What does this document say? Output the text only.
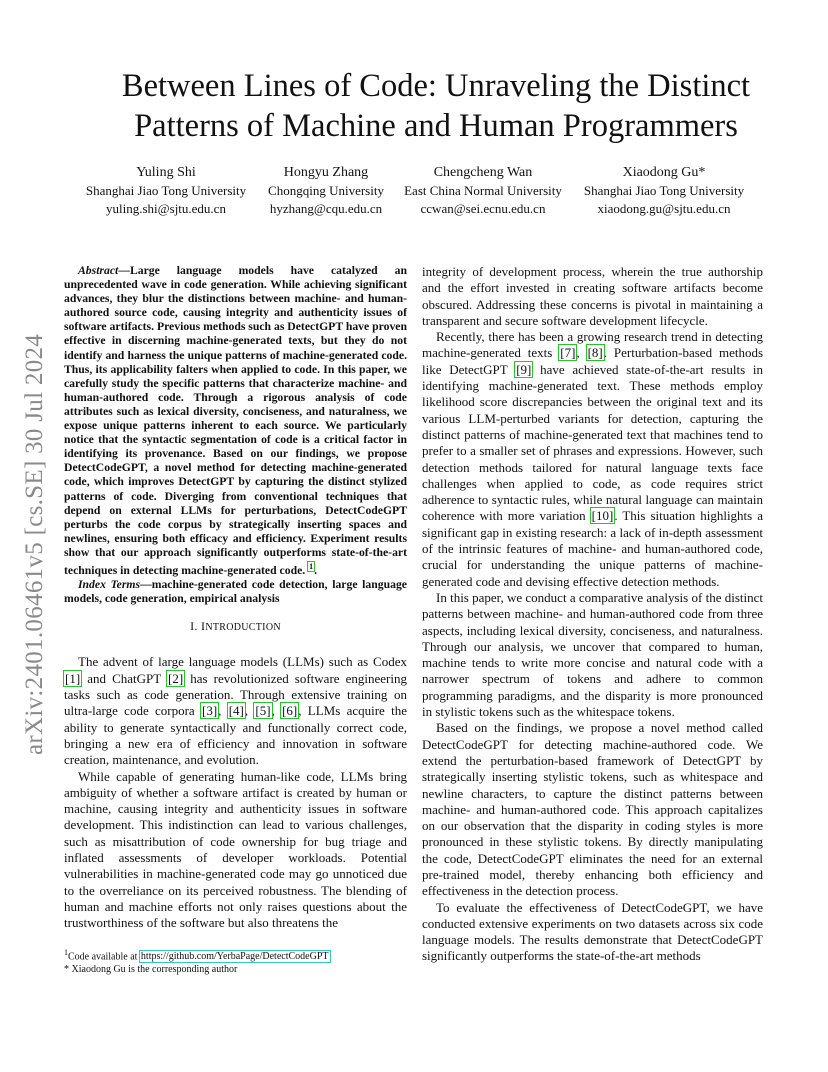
arXiv:2401.06461v5 [cs.SE] 30 Jul 2024
Between Lines of Code: Unraveling the Distinct
Patterns of Machine and Human Programmers
Yuling Shi
Shanghai Jiao Tong University
yuling.shi@sjtu.edu.cn
Hongyu Zhang
Chongqing University
hyzhang@cqu.edu.cn
Chengcheng Wan
East China Normal University
ccwan@sei.ecnu.edu.cn
Xiaodong Gu*
Shanghai Jiao Tong University
xiaodong.gu@sjtu.edu.cn

Abstract—Large language models have catalyzed an unprecedented wave in code generation. While achieving significant advances, they blur the distinctions between machine- and human-authored source code, causing integrity and authenticity issues of software artifacts. Previous methods such as DetectGPT have proven effective in discerning machine-generated texts, but they do not identify and harness the unique patterns of machine-generated code. Thus, its applicability falters when applied to code. In this paper, we carefully study the specific patterns that characterize machine- and human-authored code. Through a rigorous analysis of code attributes such as lexical diversity, conciseness, and naturalness, we expose unique patterns inherent to each source. We particularly notice that the syntactic segmentation of code is a critical factor in identifying its provenance. Based on our findings, we propose DetectCodeGPT, a novel method for detecting machine-generated code, which improves DetectGPT by capturing the distinct stylized patterns of code. Diverging from conventional techniques that depend on external LLMs for perturbations, DetectCodeGPT perturbs the code corpus by strategically inserting spaces and newlines, ensuring both efficacy and efficiency. Experiment results show that our approach significantly outperforms state-of-the-art techniques in detecting machine-generated code. $^1$.

Index Terms—machine-generated code detection, large language models, code generation, empirical analysis

I. INTRODUCTION

The advent of large language models (LLMs) such as Codex [1] and ChatGPT [2] has revolutionized software engineering tasks such as code generation. Through extensive training on ultra-large code corpora [3], [4], [5], [6], LLMs acquire the ability to generate syntactically and functionally correct code, bringing a new era of efficiency and innovation in software creation, maintenance, and evolution.

While capable of generating human-like code, LLMs bring ambiguity of whether a software artifact is created by human or machine, causing integrity and authenticity issues in software development. This indistinction can lead to various challenges, such as misattribution of code ownership for bug triage and inflated assessments of developer workloads. Potential vulnerabilities in machine-generated code may go unnoticed due to the overreliance on its perceived robustness. The blending of human and machine efforts not only raises questions about the trustworthiness of the software but also threatens the

integrity of development process, wherein the true authorship and the effort invested in creating software artifacts become obscured. Addressing these concerns is pivotal in maintaining a transparent and secure software development lifecycle.

Recently, there has been a growing research trend in detecting machine-generated texts [7], [8]. Perturbation-based methods like DetectGPT [9] have achieved state-of-the-art results in identifying machine-generated text. These methods employ likelihood score discrepancies between the original text and its various LLM-perturbed variants for detection, capturing the distinct patterns of machine-generated text that machines tend to prefer to a smaller set of phrases and expressions. However, such detection methods tailored for natural language texts face challenges when applied to code, as code requires strict adherence to syntactic rules, while natural language can maintain coherence with more variation [10]. This situation highlights a significant gap in existing research: a lack of in-depth assessment of the intrinsic features of machine- and human-authored code, crucial for understanding the unique patterns of machine-generated code and devising effective detection methods.

In this paper, we conduct a comparative analysis of the distinct patterns between machine- and human-authored code from three aspects, including lexical diversity, conciseness, and naturalness. Through our analysis, we uncover that compared to human, machine tends to write more concise and natural code with a narrower spectrum of tokens and adhere to common programming paradigms, and the disparity is more pronounced in stylistic tokens such as the whitespace tokens.

Based on the findings, we propose a novel method called DetectCodeGPT for detecting machine-authored code. We extend the perturbation-based framework of DetectGPT by strategically inserting stylistic tokens, such as whitespace and newline characters, to capture the distinct patterns between machine- and human-authored code. This approach capitalizes on our observation that the disparity in coding styles is more pronounced in these stylistic tokens. By directly manipulating the code, DetectCodeGPT eliminates the need for an external pre-trained model, thereby enhancing both efficiency and effectiveness in the detection process.

To evaluate the effectiveness of DetectCodeGPT, we have conducted extensive experiments on two datasets across six code language models. The results demonstrate that DetectCodeGPT significantly outperforms the state-of-the-art methods

$^1$Code available at https://github.com/YerbaPage/DetectCodeGPT
* Xiaodong Gu is the corresponding author
